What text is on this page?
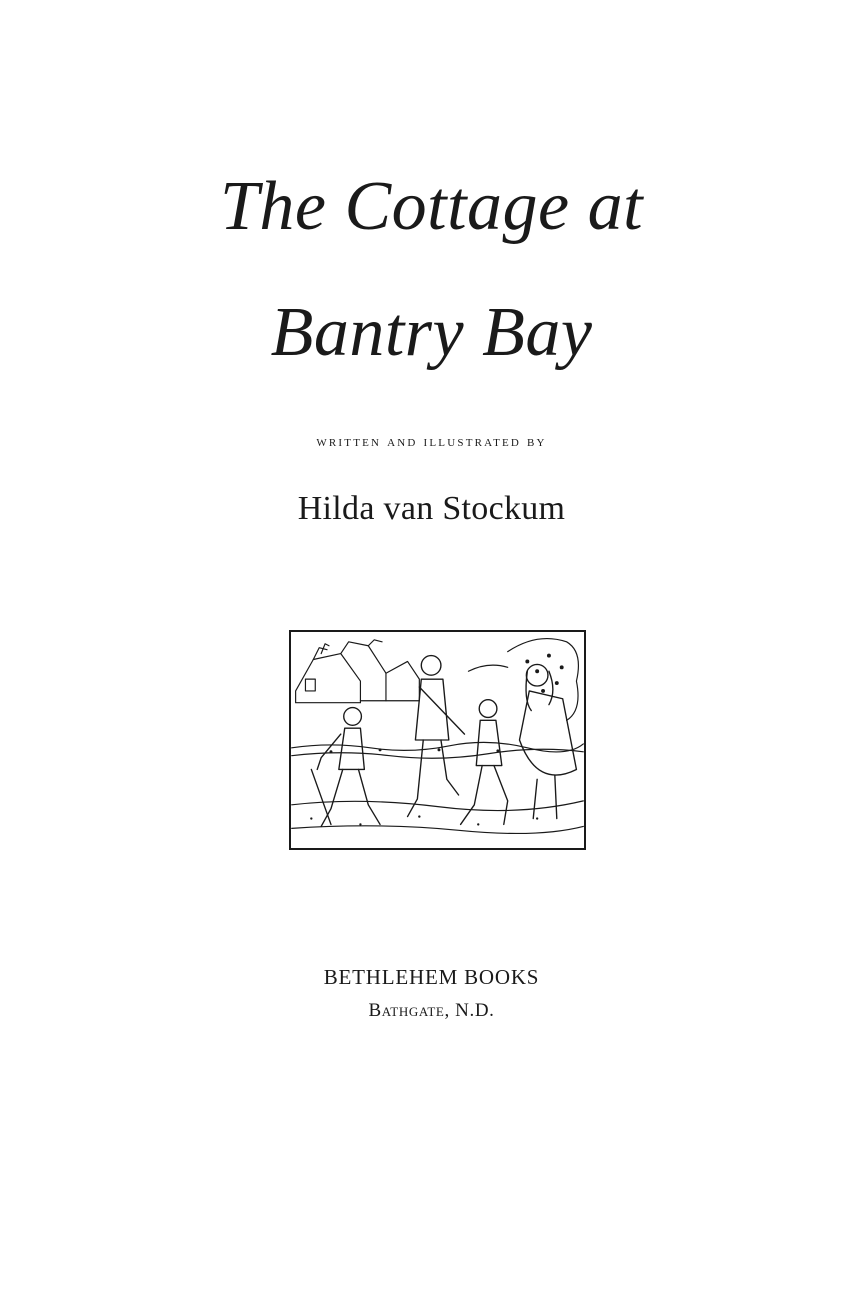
The Cottage at
Bantry Bay
written and illustrated by
Hilda van Stockum
BETHLEHEM BOOKS
Bathgate, N.D.
